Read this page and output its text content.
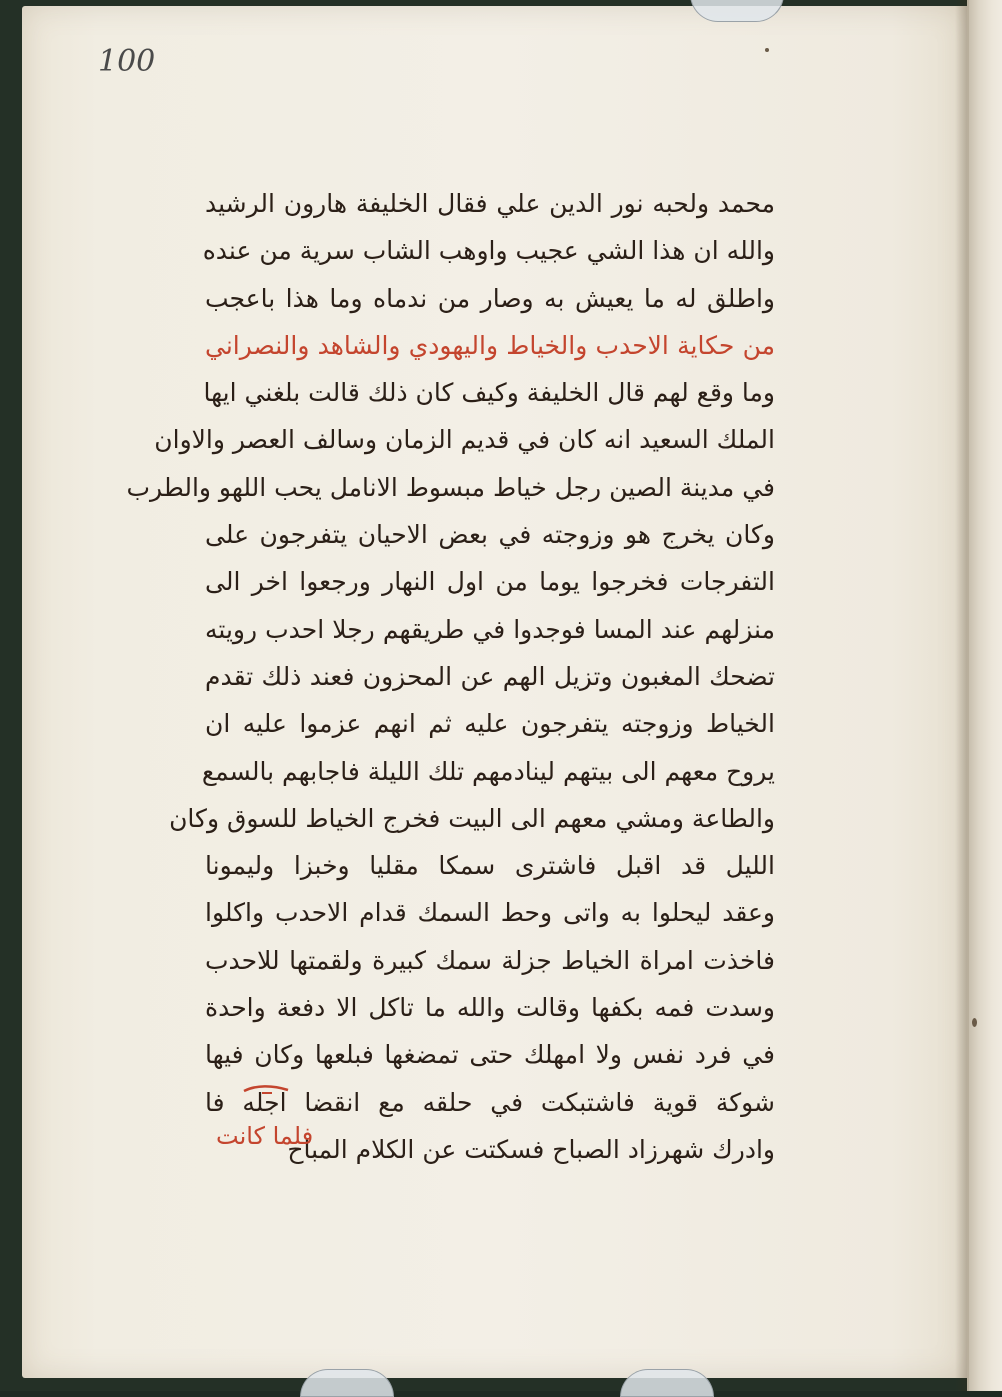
100
محمد ولحبه نور الدين علي فقال الخليفة هارون الرشيد
والله ان هذا الشي عجيب واوهب الشاب سرية من عنده
واطلق له ما يعيش به وصار من ندماه وما هذا باعجب
من حكاية الاحدب والخياط واليهودي والشاهد والنصراني
وما وقع لهم قال الخليفة وكيف كان ذلك قالت بلغني ايها
الملك السعيد انه كان في قديم الزمان وسالف العصر والاوان
في مدينة الصين رجل خياط مبسوط الانامل يحب اللهو والطرب
وكان يخرج هو وزوجته في بعض الاحيان يتفرجون على
التفرجات فخرجوا يوما من اول النهار ورجعوا اخر الى
منزلهم عند المسا فوجدوا في طريقهم رجلا احدب رويته
تضحك المغبون وتزيل الهم عن المحزون فعند ذلك تقدم
الخياط وزوجته يتفرجون عليه ثم انهم عزموا عليه ان
يروح معهم الى بيتهم لينادمهم تلك الليلة فاجابهم بالسمع
والطاعة ومشي معهم الى البيت فخرج الخياط للسوق وكان
الليل قد اقبل فاشترى سمكا مقليا وخبزا وليمونا
وعقد ليحلوا به واتى وحط السمك قدام الاحدب واكلوا
فاخذت امراة الخياط جزلة سمك كبيرة ولقمتها للاحدب
وسدت فمه بكفها وقالت والله ما تاكل الا دفعة واحدة
في فرد نفس ولا امهلك حتى تمضغها فبلعها وكان فيها
شوكة قوية فاشتبكت في حلقه مع انقضا اجله فا
وادرك شهرزاد الصباح فسكتت عن الكلام المباح
فلما كانت
